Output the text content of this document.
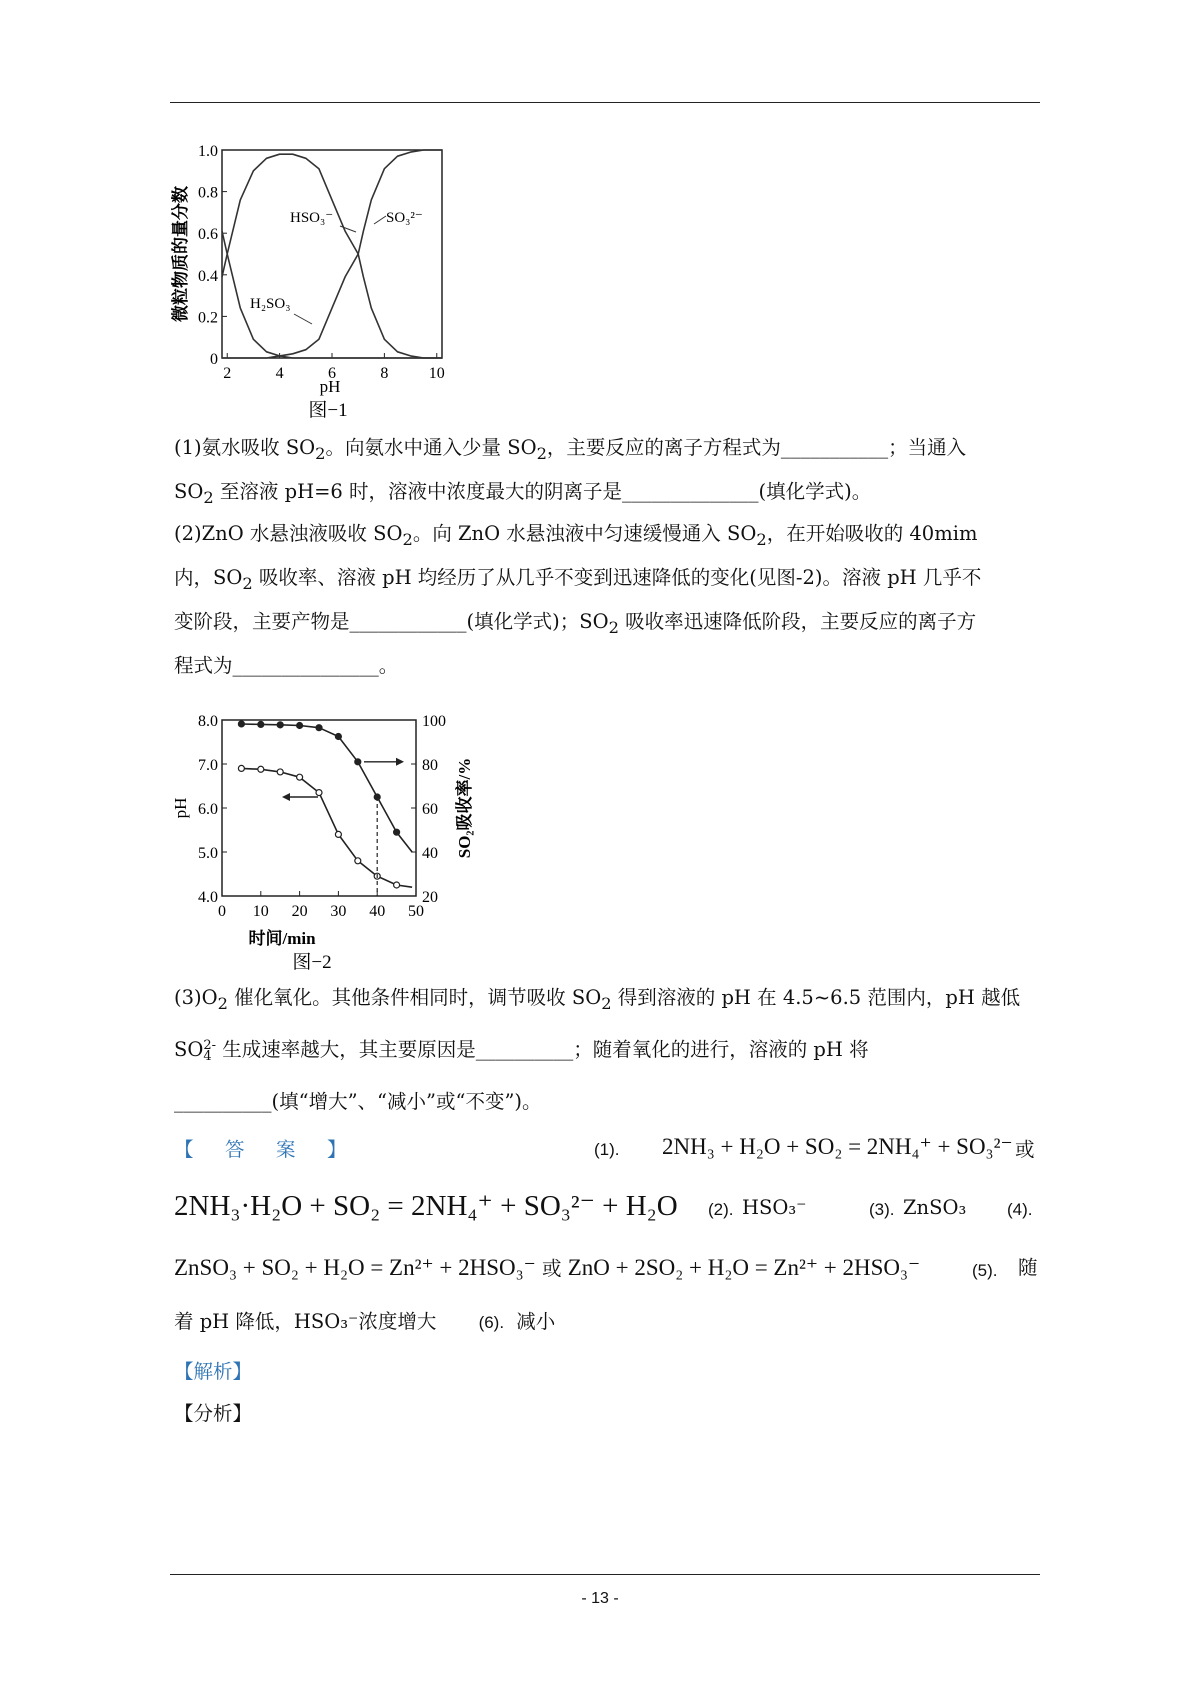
2	4	6	8	10
0
0.2
0.4
0.6
0.8
1.0
H₂SO₃
HSO₃⁻	SO₃²⁻
pH
图−1
微粒物质的量分数
(1)氨水吸收 $SO_2$。向氨水中通入少量 $SO_2$，主要反应的离子方程式为___________；当通入
$SO_2$ 至溶液 pH=6 时，溶液中浓度最大的阴离子是______________(填化学式)。
(2)ZnO 水悬浊液吸收 $SO_2$。向 ZnO 水悬浊液中匀速缓慢通入 $SO_2$，在开始吸收的 40mim
内，$SO_2$ 吸收率、溶液 pH 均经历了从几乎不变到迅速降低的变化(见图-2)。溶液 pH 几乎不
变阶段，主要产物是____________(填化学式)；$SO_2$ 吸收率迅速降低阶段，主要反应的离子方
程式为_______________。
0 10 20 30 40 50
4.0
5.0
6.0
7.0
8.0
20
40
60
80
100
时间/min
图−2
pH	SO₂吸收率/%
$(3)O_2$ 催化氧化。其他条件相同时，调节吸收 $SO_2$ 得到溶液的 pH 在 4.5~6.5 范围内，pH 越低
SO 2-
4 生成速率越大，其主要原因是__________；随着氧化的进行，溶液的 pH 将
__________(填“增大”、“减小”或“不变”)。
【　答　案　】	(1). 2NH₃ + H₂O + SO₂ = 2NH₄⁺ + SO₃²⁻ 或
2NH₃·H₂O + SO₂ = 2NH₄⁺ + SO₃²⁻ + H₂O (2). HSO₃⁻	(3). ZnSO₃ (4).
ZnSO₃ + SO₂ + H₂O = Zn²⁺ + 2HSO₃⁻ 或 ZnO + 2SO₂ + H₂O = Zn²⁺ + 2HSO₃⁻	(5). 随
着 pH 降低，HSO₃⁻浓度增大 (6). 减小
【解析】
【分析】
- 13 -
